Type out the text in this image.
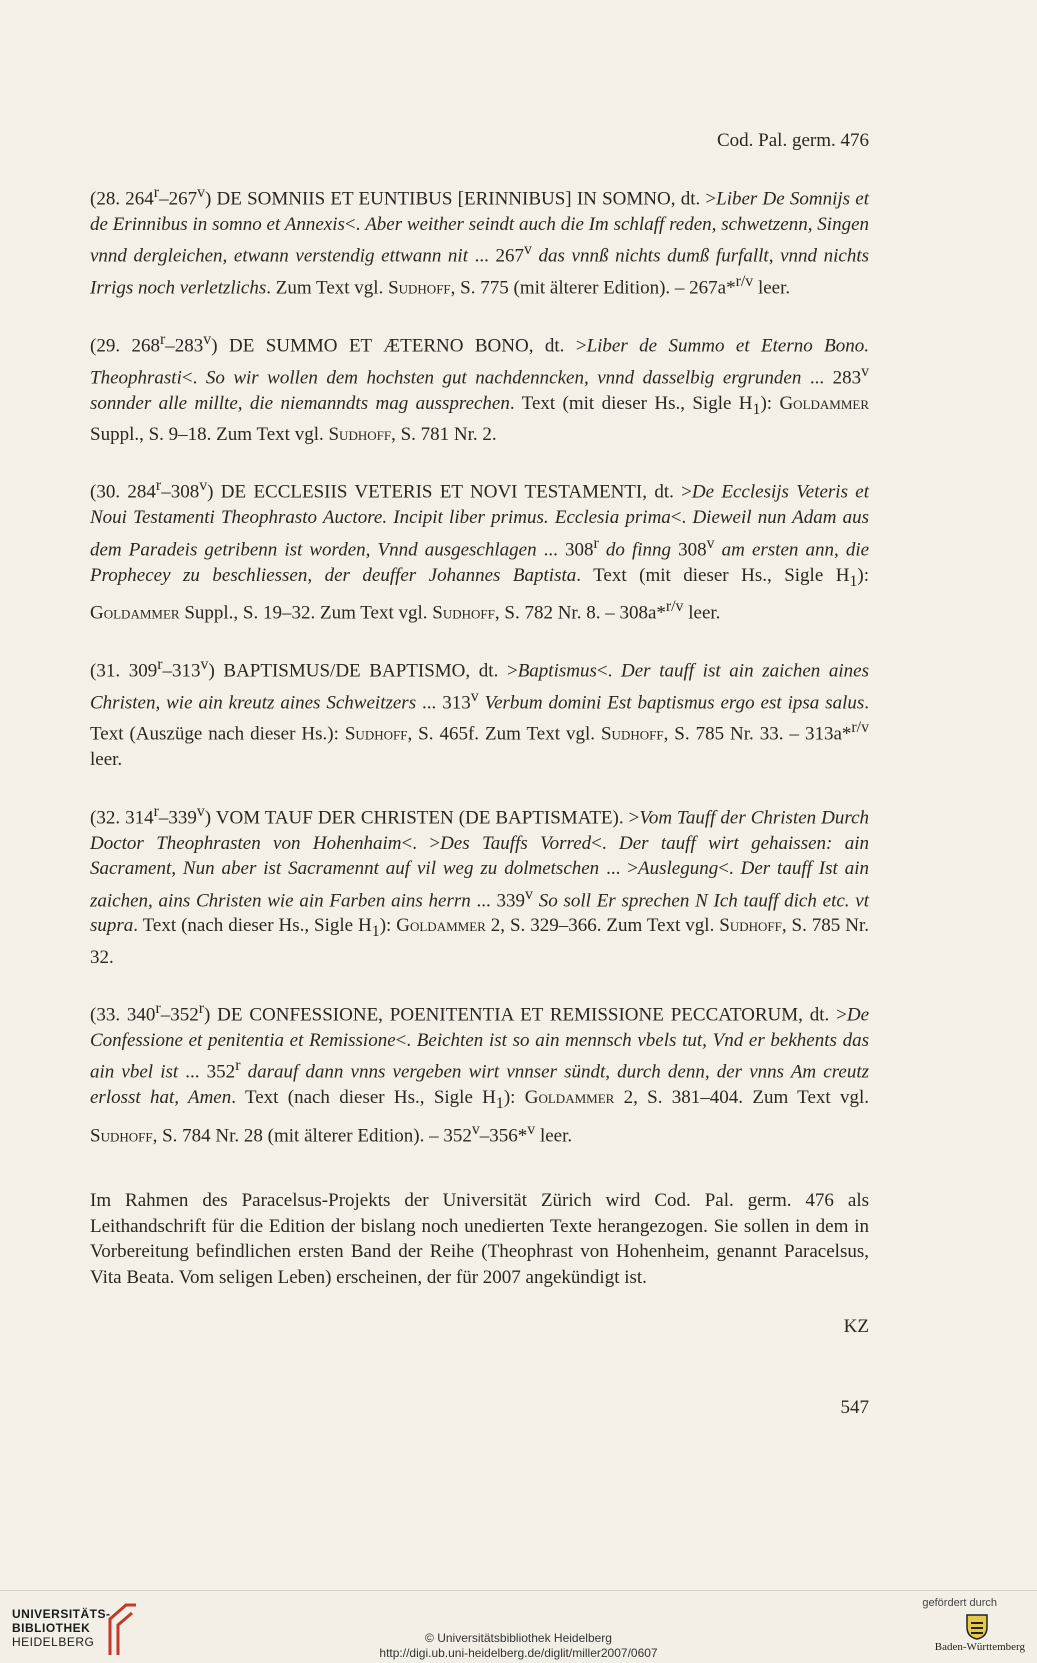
Cod. Pal. germ. 476

(28. 264$^r$–267$^v$) DE SOMNIIS ET EUNTIBUS [ERINNIBUS] IN SOMNO, dt. >Liber De Somnijs et de Erinnibus in somno et Annexis<. Aber weither seindt auch die Im schlaff reden, schwetzenn, Singen vnnd dergleichen, etwann verstendig ettwann nit ... 267$^v$ das vnnß nichts dumß furfallt, vnnd nichts Irrigs noch verletzlichs. Zum Text vgl. Sudhoff, S. 775 (mit älterer Edition). – 267a*$^{r/v}$ leer.

(29. 268$^r$–283$^v$) DE SUMMO ET ÆTERNO BONO, dt. >Liber de Summo et Eterno Bono. Theophrasti<. So wir wollen dem hochsten gut nachdenncken, vnnd dasselbig ergrunden ... 283$^v$ sonnder alle millte, die niemanndts mag aussprechen. Text (mit dieser Hs., Sigle $H_1$): Goldammer Suppl., S. 9–18. Zum Text vgl. Sudhoff, S. 781 Nr. 2.

(30. 284$^r$–308$^v$) DE ECCLESIIS VETERIS ET NOVI TESTAMENTI, dt. >De Ecclesijs Veteris et Noui Testamenti Theophrasto Auctore. Incipit liber primus. Ecclesia prima<. Dieweil nun Adam aus dem Paradeis getribenn ist worden, Vnnd ausgeschlagen ... 308$^r$ do finng 308$^v$ am ersten ann, die Prophecey zu beschliessen, der deuffer Johannes Baptista. Text (mit dieser Hs., Sigle $H_1$): Goldammer Suppl., S. 19–32. Zum Text vgl. Sudhoff, S. 782 Nr. 8. – 308a*$^{r/v}$ leer.

(31. 309$^r$–313$^v$) BAPTISMUS/DE BAPTISMO, dt. >Baptismus<. Der tauff ist ain zaichen aines Christen, wie ain kreutz aines Schweitzers ... 313$^v$ Verbum domini Est baptismus ergo est ipsa salus. Text (Auszüge nach dieser Hs.): Sudhoff, S. 465f. Zum Text vgl. Sudhoff, S. 785 Nr. 33. – 313a*$^{r/v}$ leer.

(32. 314$^r$–339$^v$) VOM TAUF DER CHRISTEN (DE BAPTISMATE). >Vom Tauff der Christen Durch Doctor Theophrasten von Hohenhaim<. >Des Tauffs Vorred<. Der tauff wirt gehaissen: ain Sacrament, Nun aber ist Sacramennt auf vil weg zu dolmetschen ... >Auslegung<. Der tauff Ist ain zaichen, ains Christen wie ain Farben ains herrn ... 339$^v$ So soll Er sprechen N Ich tauff dich etc. vt supra. Text (nach dieser Hs., Sigle $H_1$): Goldammer 2, S. 329–366. Zum Text vgl. Sudhoff, S. 785 Nr. 32.

(33. 340$^r$–352$^r$) DE CONFESSIONE, POENITENTIA ET REMISSIONE PECCATORUM, dt. >De Confessione et penitentia et Remissione<. Beichten ist so ain mennsch vbels tut, Vnd er bekhents das ain vbel ist ... 352$^r$ darauf dann vnns vergeben wirt vnnser sündt, durch denn, der vnns Am creutz erlosst hat, Amen. Text (nach dieser Hs., Sigle $H_1$): Goldammer 2, S. 381–404. Zum Text vgl. Sudhoff, S. 784 Nr. 28 (mit älterer Edition). – 352$^v$–356*$^v$ leer.

Im Rahmen des Paracelsus-Projekts der Universität Zürich wird Cod. Pal. germ. 476 als Leithandschrift für die Edition der bislang noch unedierten Texte herangezogen. Sie sollen in dem in Vorbereitung befindlichen ersten Band der Reihe (Theophrast von Hohenheim, genannt Paracelsus, Vita Beata. Vom seligen Leben) erscheinen, der für 2007 angekündigt ist.

KZ
547
UNIVERSITÄTS-
BIBLIOTHEK
HEIDELBERG	© Universitätsbibliothek Heidelberg
http://digi.ub.uni-heidelberg.de/diglit/miller2007/0607
gefördert durch
Baden-Württemberg
